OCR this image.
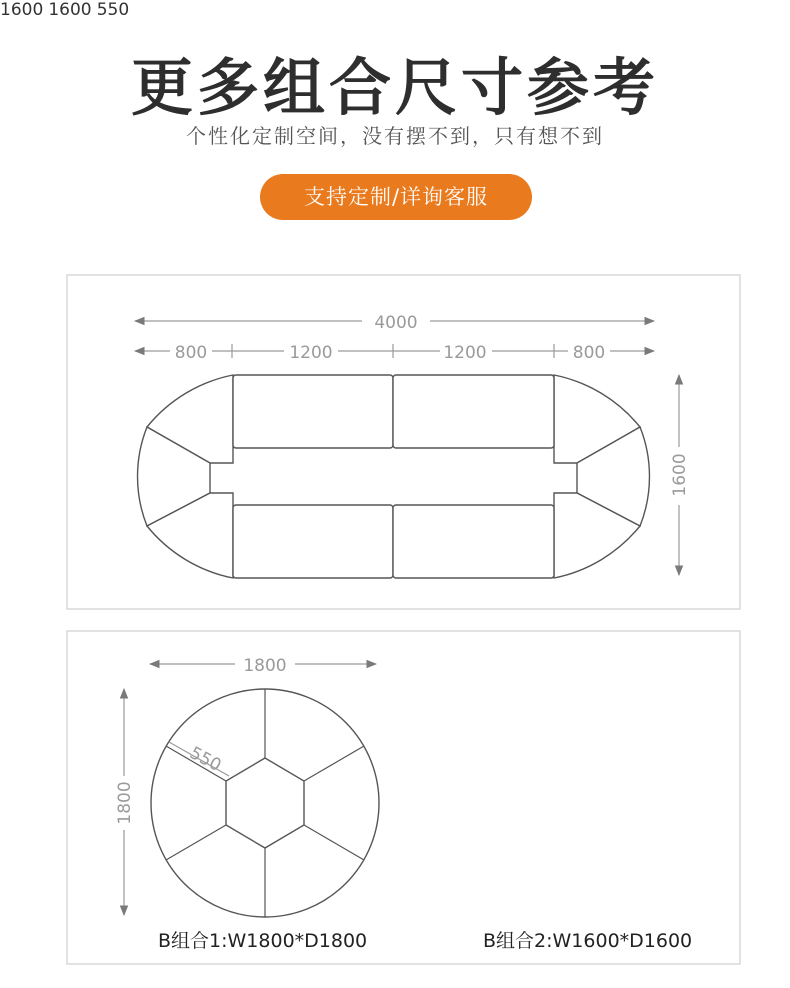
更多组合尺寸参考
个性化定制空间，没有摆不到，只有想不到
支持定制/详询客服
4000
800	1200	1200	800
1600
1800
1800
550
1600 1600 550
B组合1:W1800*D1800	B组合2:W1600*D1600
